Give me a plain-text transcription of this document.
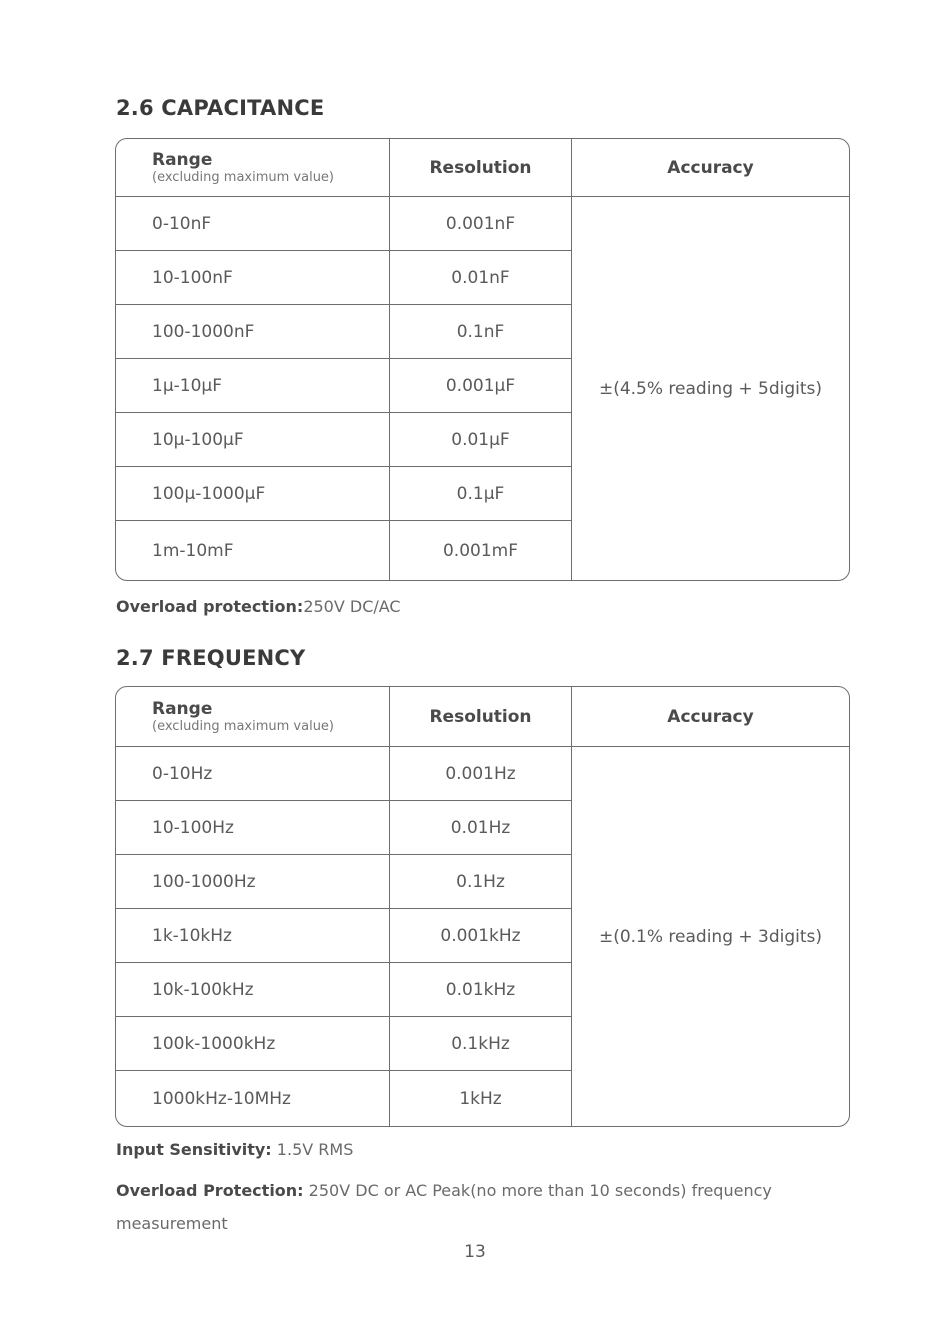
2.6 CAPACITANCE
Range
(excluding maximum value)	Resolution	Accuracy
0-10nF	0.001nF
±(4.5% reading + 5digits)
10-100nF	0.01nF
100-1000nF	0.1nF
1μ-10μF	0.001μF
10μ-100μF	0.01μF
100μ-1000μF	0.1μF
1m-10mF	0.001mF

Overload protection:250V DC/AC

2.7 FREQUENCY
Range
(excluding maximum value)	Resolution	Accuracy
0-10Hz	0.001Hz
±(0.1% reading + 3digits)
10-100Hz	0.01Hz
100-1000Hz	0.1Hz
1k-10kHz	0.001kHz
10k-100kHz	0.01kHz
100k-1000kHz	0.1kHz
1000kHz-10MHz	1kHz

Input Sensitivity: 1.5V RMS

Overload Protection: 250V DC or AC Peak(no more than 10 seconds) frequency measurement

13
